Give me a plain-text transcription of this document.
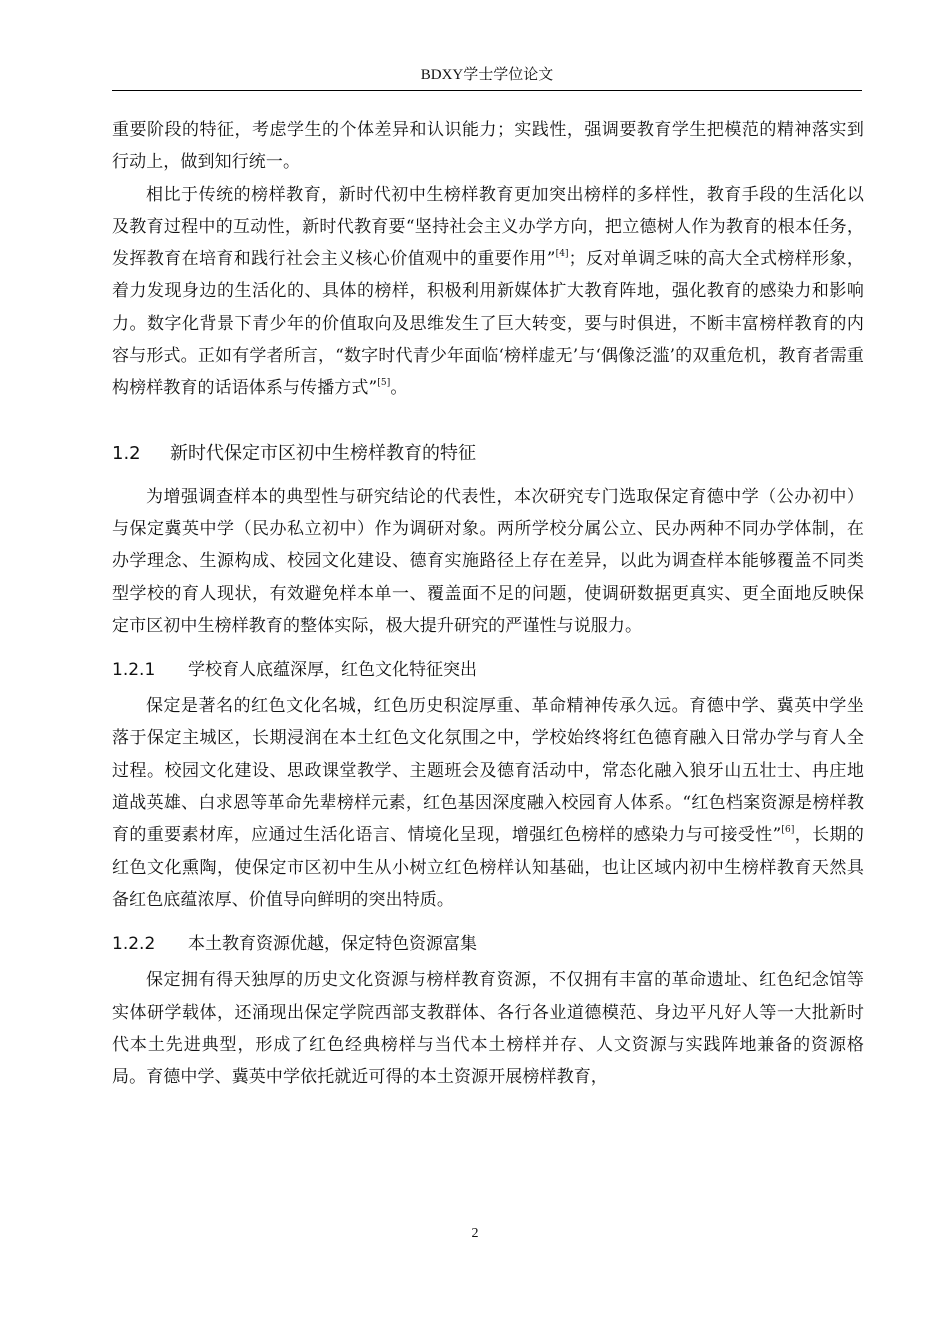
BDXY学士学位论文

重要阶段的特征，考虑学生的个体差异和认识能力；实践性，强调要教育学生把模范的精神落实到行动上，做到知行统一。

相比于传统的榜样教育，新时代初中生榜样教育更加突出榜样的多样性，教育手段的生活化以及教育过程中的互动性，新时代教育要“坚持社会主义办学方向，把立德树人作为教育的根本任务，发挥教育在培育和践行社会主义核心价值观中的重要作用”[4]；反对单调乏味的高大全式榜样形象，着力发现身边的生活化的、具体的榜样，积极利用新媒体扩大教育阵地，强化教育的感染力和影响力。数字化背景下青少年的价值取向及思维发生了巨大转变，要与时俱进，不断丰富榜样教育的内容与形式。正如有学者所言，“数字时代青少年面临‘榜样虚无’与‘偶像泛滥’的双重危机，教育者需重构榜样教育的话语体系与传播方式”[5]。

1.2 新时代保定市区初中生榜样教育的特征

为增强调查样本的典型性与研究结论的代表性，本次研究专门选取保定育德中学（公办初中）与保定冀英中学（民办私立初中）作为调研对象。两所学校分属公立、民办两种不同办学体制，在办学理念、生源构成、校园文化建设、德育实施路径上存在差异，以此为调查样本能够覆盖不同类型学校的育人现状，有效避免样本单一、覆盖面不足的问题，使调研数据更真实、更全面地反映保定市区初中生榜样教育的整体实际，极大提升研究的严谨性与说服力。

1.2.1 学校育人底蕴深厚，红色文化特征突出

保定是著名的红色文化名城，红色历史积淀厚重、革命精神传承久远。育德中学、冀英中学坐落于保定主城区，长期浸润在本土红色文化氛围之中，学校始终将红色德育融入日常办学与育人全过程。校园文化建设、思政课堂教学、主题班会及德育活动中，常态化融入狼牙山五壮士、冉庄地道战英雄、白求恩等革命先辈榜样元素，红色基因深度融入校园育人体系。“红色档案资源是榜样教育的重要素材库，应通过生活化语言、情境化呈现，增强红色榜样的感染力与可接受性”[6]，长期的红色文化熏陶，使保定市区初中生从小树立红色榜样认知基础，也让区域内初中生榜样教育天然具备红色底蕴浓厚、价值导向鲜明的突出特质。

1.2.2 本土教育资源优越，保定特色资源富集

保定拥有得天独厚的历史文化资源与榜样教育资源，不仅拥有丰富的革命遗址、红色纪念馆等实体研学载体，还涌现出保定学院西部支教群体、各行各业道德模范、身边平凡好人等一大批新时代本土先进典型，形成了红色经典榜样与当代本土榜样并存、人文资源与实践阵地兼备的资源格局。育德中学、冀英中学依托就近可得的本土资源开展榜样教育，

2
